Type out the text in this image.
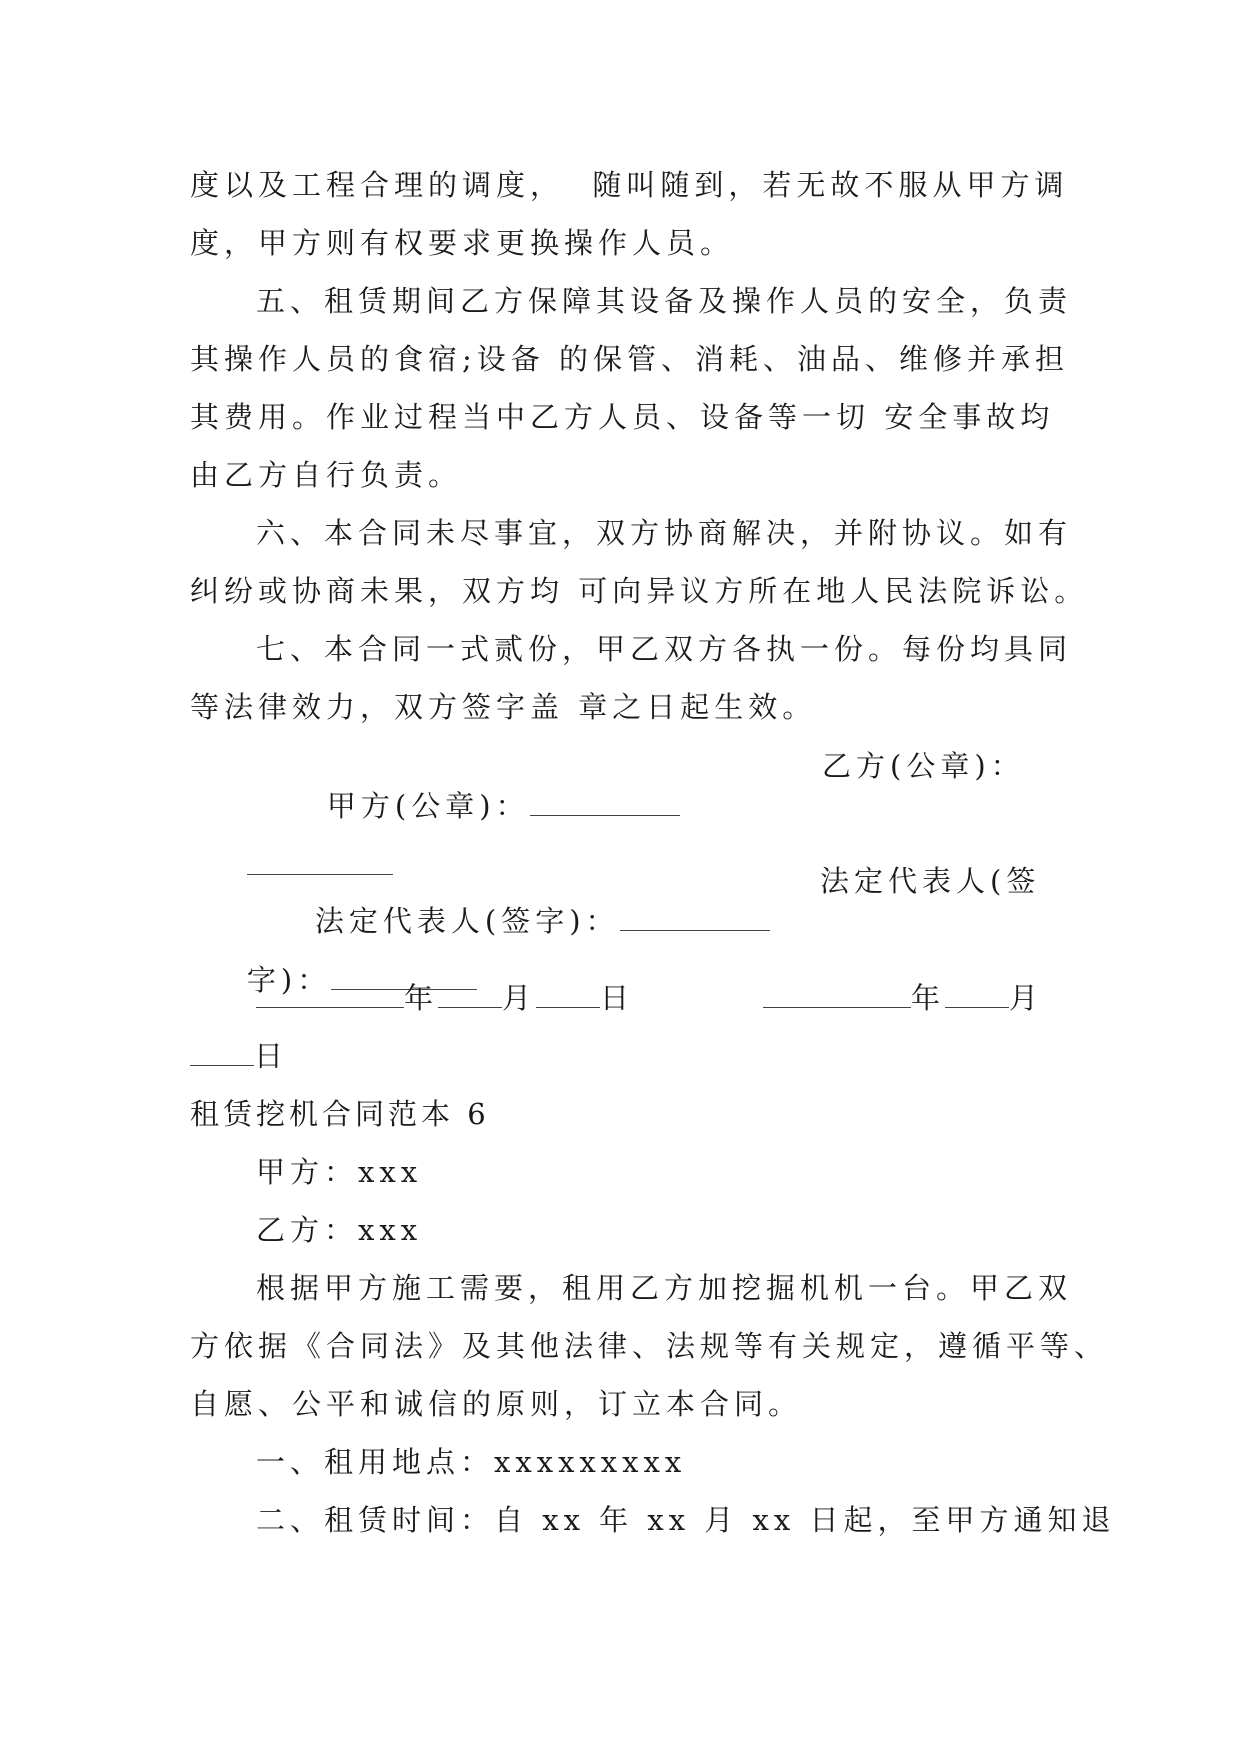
度以及工程合理的调度，  随叫随到，若无故不服从甲方调
度，甲方则有权要求更换操作人员。
五、租赁期间乙方保障其设备及操作人员的安全，负责
其操作人员的食宿;设备 的保管、消耗、油品、维修并承担
其费用。作业过程当中乙方人员、设备等一切 安全事故均
由乙方自行负责。
六、本合同未尽事宜，双方协商解决，并附协议。如有
纠纷或协商未果，双方均 可向异议方所在地人民法院诉讼。
七、本合同一式贰份，甲乙双方各执一份。每份均具同
等法律效力，双方签字盖 章之日起生效。

甲方(公章)：

乙方(公章)：

法定代表人(签字)：

法定代表人(签

字)：

年 月 日	年 月
日
租赁挖机合同范本 6
甲方：xxx
乙方：xxx
根据甲方施工需要，租用乙方加挖掘机机一台。甲乙双
方依据《合同法》及其他法律、法规等有关规定，遵循平等、
自愿、公平和诚信的原则，订立本合同。
一、租用地点：xxxxxxxxx
二、租赁时间：自 xx 年 xx 月 xx 日起，至甲方通知退
